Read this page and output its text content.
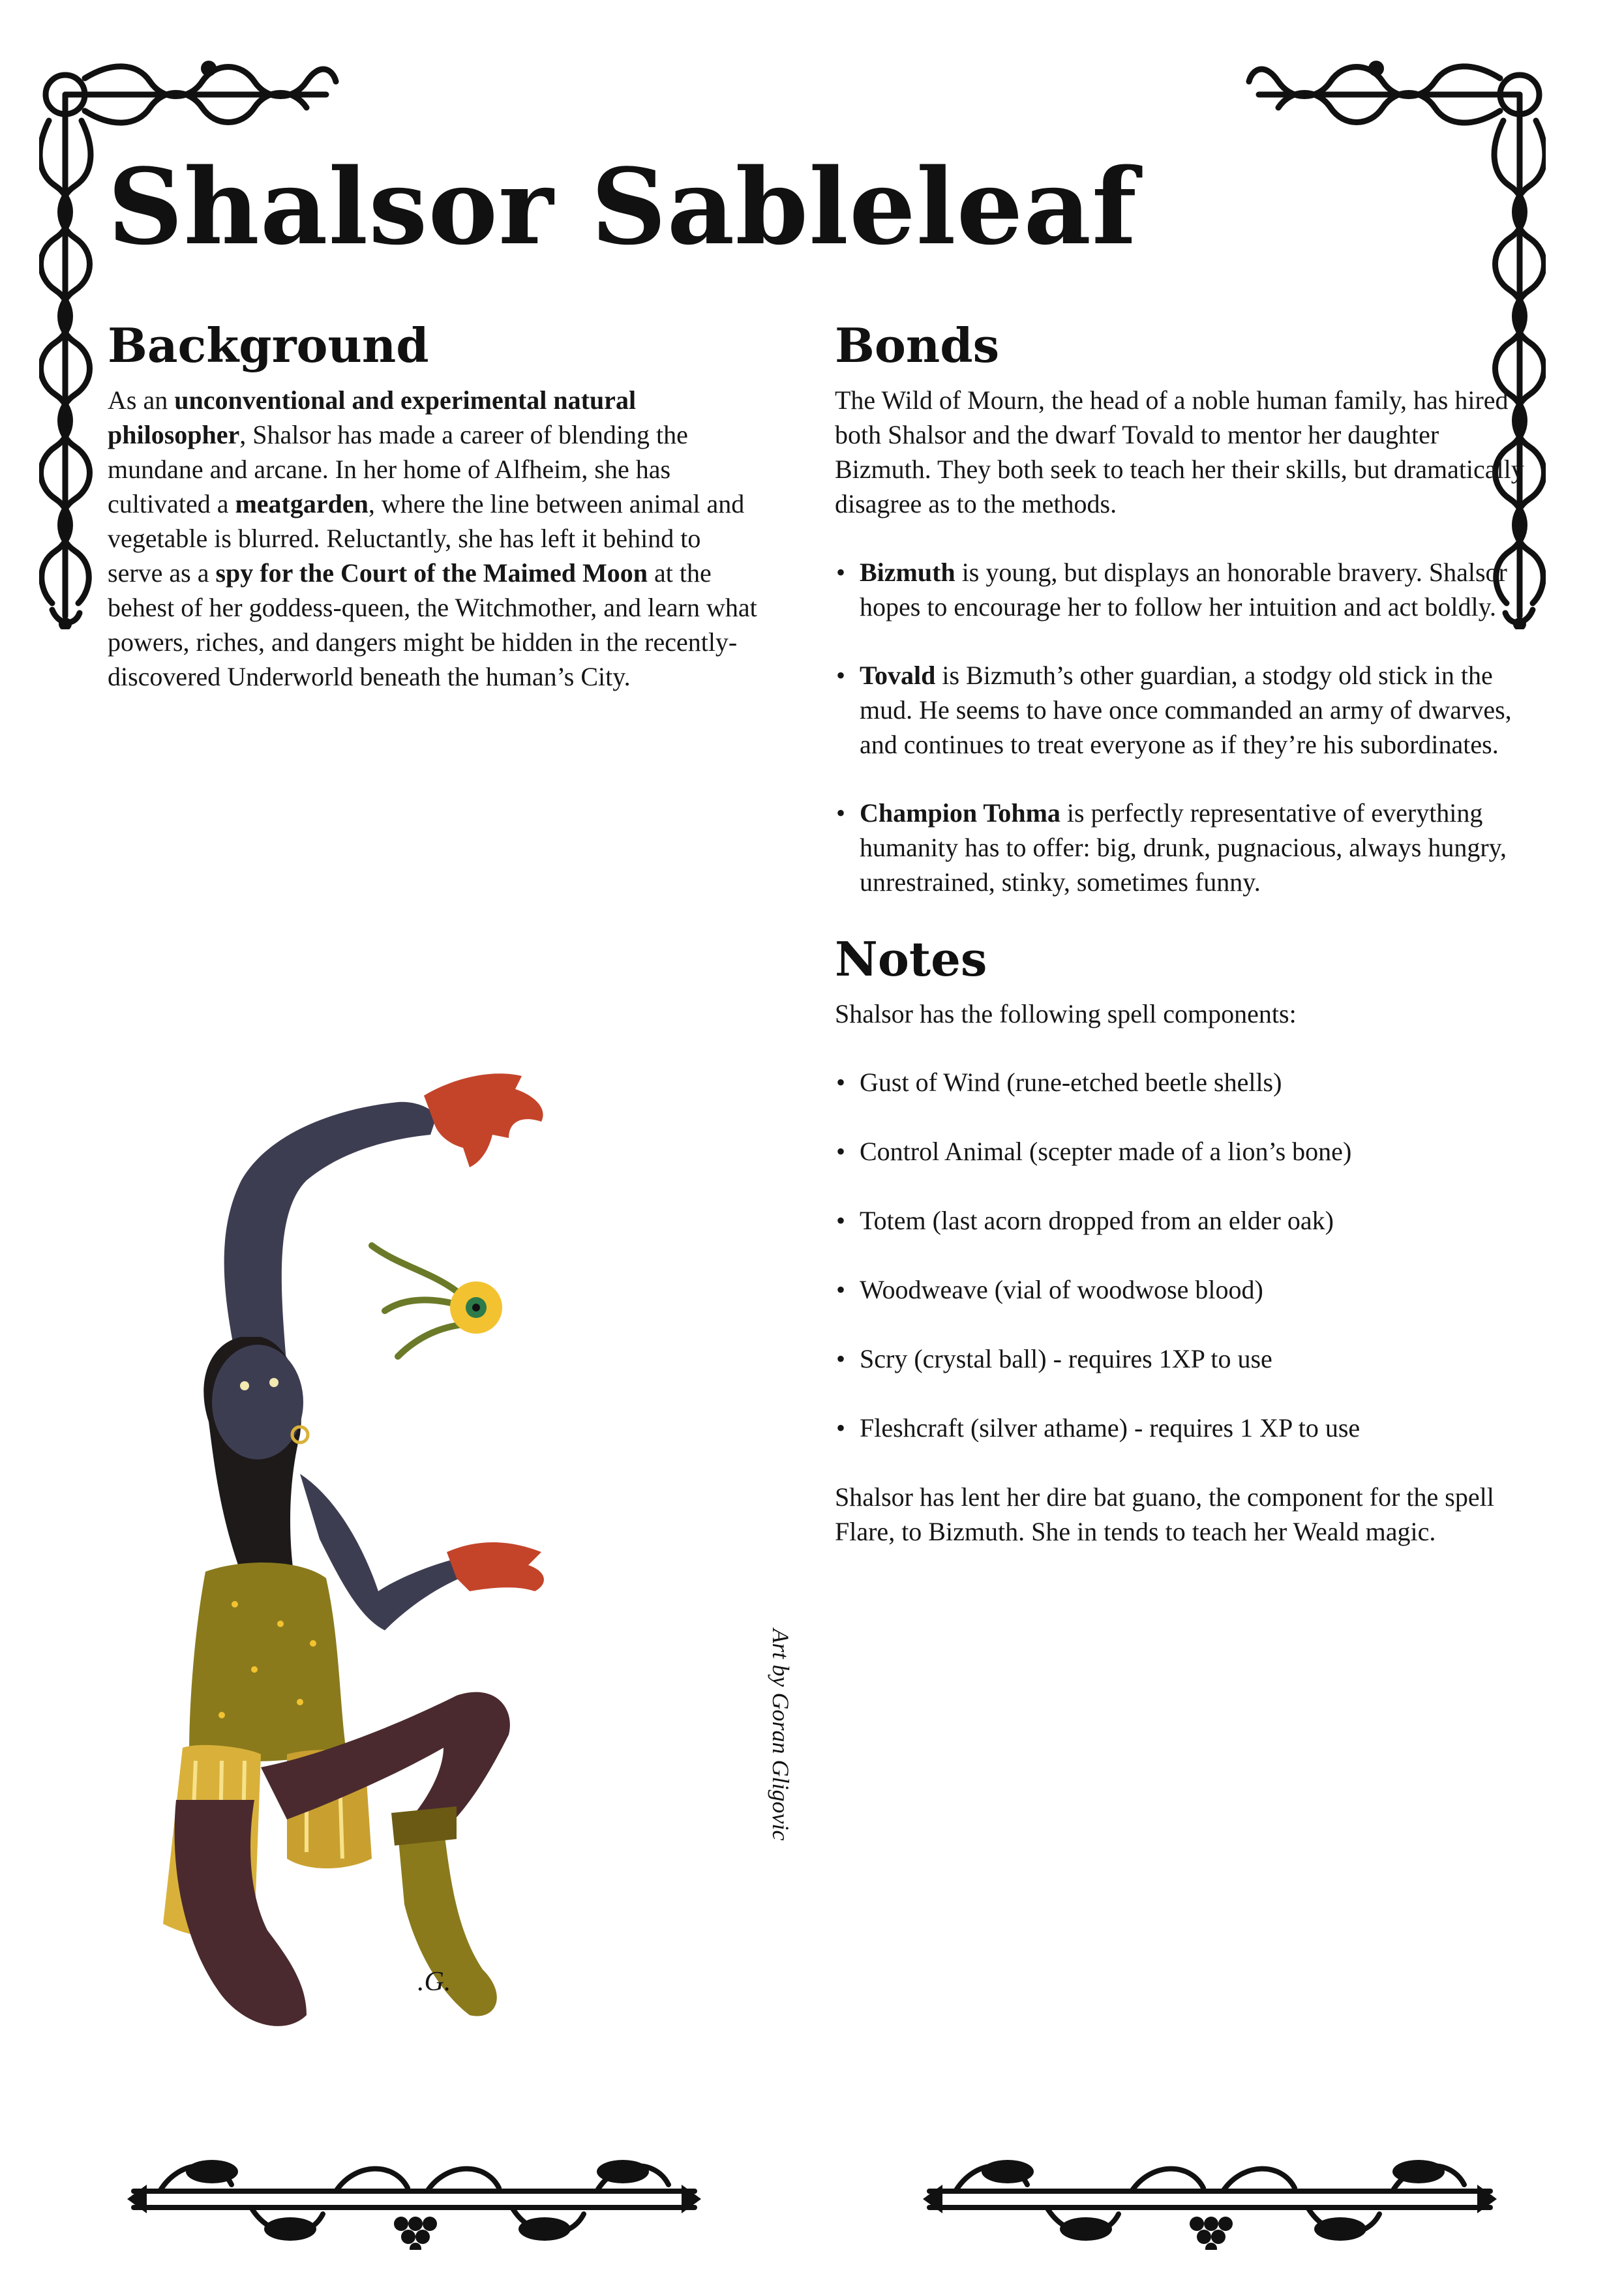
Shalsor Sableleaf
Background

As an unconventional and experimental natural philosopher, Shalsor has made a career of blending the mundane and arcane. In her home of Alfheim, she has cultivated a meatgarden, where the line between animal and vegetable is blurred. Reluctantly, she has left it behind to serve as a spy for the Court of the Maimed Moon at the behest of her goddess-queen, the Witchmother, and learn what powers, riches, and dangers might be hidden in the recently-discovered Underworld beneath the human’s City.

Bonds

The Wild of Mourn, the head of a noble human family, has hired both Shalsor and the dwarf Tovald to mentor her daughter Bizmuth. They both seek to teach her their skills, but dramatically disagree as to the methods.

• Bizmuth is young, but displays an honorable bravery. Shalsor hopes to encourage her to follow her intuition and act boldly.
• Tovald is Bizmuth’s other guardian, a stodgy old stick in the mud. He seems to have once commanded an army of dwarves, and continues to treat everyone as if they’re his subordinates.
• Champion Tohma is perfectly representative of everything humanity has to offer: big, drunk, pugnacious, always hungry, unrestrained, stinky, sometimes funny.
Notes

Shalsor has the following spell components:

• Gust of Wind (rune-etched beetle shells)
• Control Animal (scepter made of a lion’s bone)
• Totem (last acorn dropped from an elder oak)
• Woodweave (vial of woodwose blood)
• Scry (crystal ball) - requires 1XP to use
• Fleshcraft (silver athame) - requires 1 XP to use

Shalsor has lent her dire bat guano, the component for the spell Flare, to Bizmuth. She in tends to teach her Weald magic.

.G.
Art by Goran Gligovic
